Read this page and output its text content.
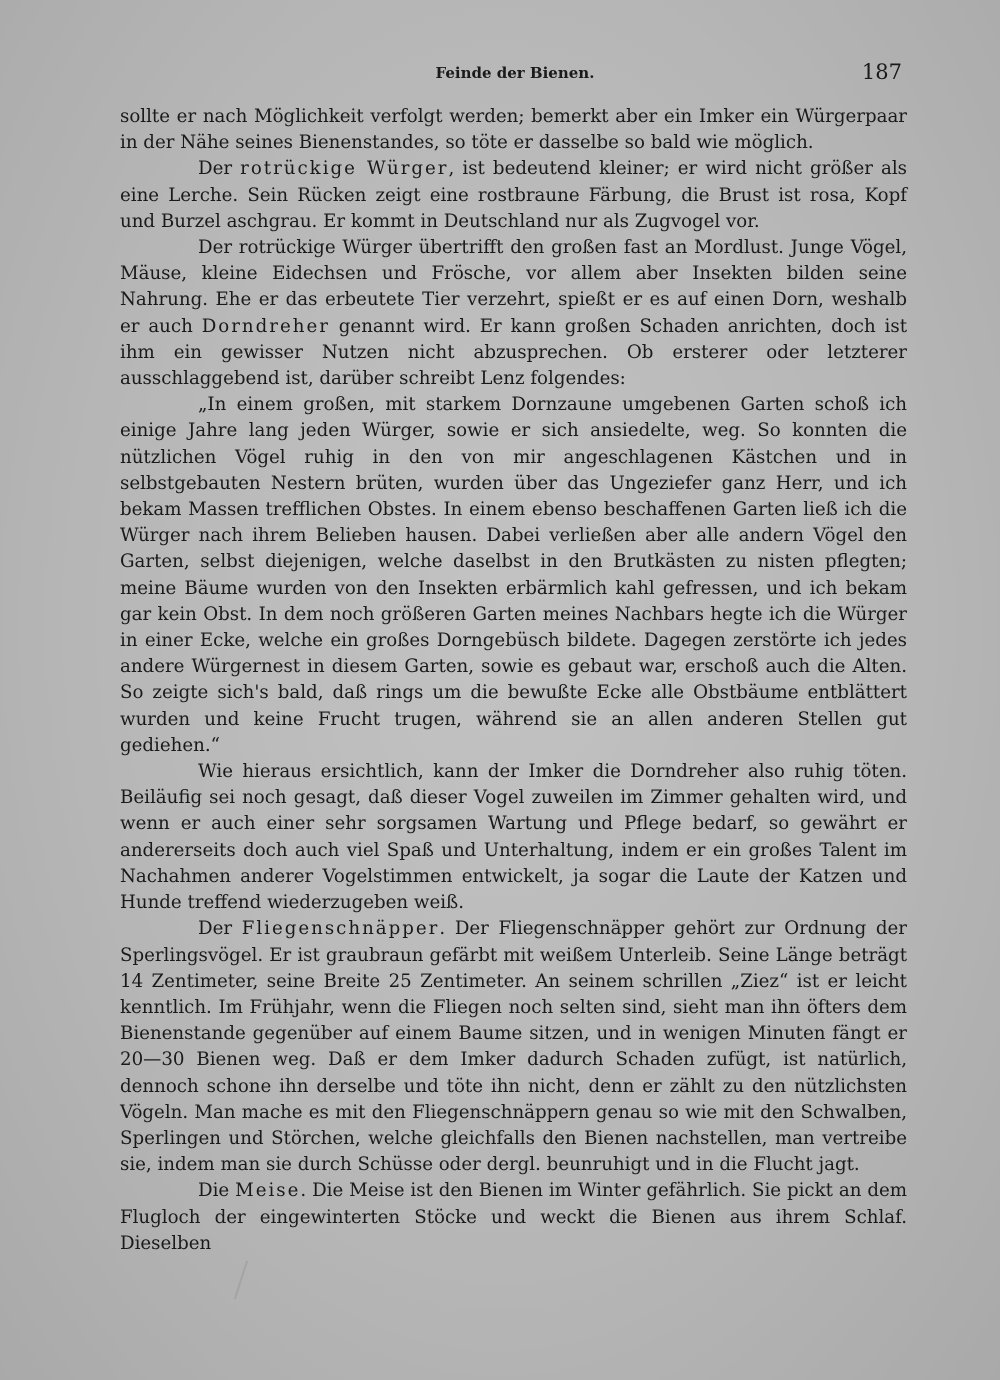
Feinde der Bienen.	187

sollte er nach Möglichkeit verfolgt werden; bemerkt aber ein Imker ein Würgerpaar in der Nähe seines Bienenstandes, so töte er dasselbe so bald wie möglich.

Der rotrückige Würger, ist bedeutend kleiner; er wird nicht größer als eine Lerche. Sein Rücken zeigt eine rostbraune Färbung, die Brust ist rosa, Kopf und Burzel aschgrau. Er kommt in Deutschland nur als Zugvogel vor.

Der rotrückige Würger übertrifft den großen fast an Mordlust. Junge Vögel, Mäuse, kleine Eidechsen und Frösche, vor allem aber Insekten bilden seine Nahrung. Ehe er das erbeutete Tier verzehrt, spießt er es auf einen Dorn, weshalb er auch Dorndreher genannt wird. Er kann großen Schaden anrichten, doch ist ihm ein gewisser Nutzen nicht abzusprechen. Ob ersterer oder letzterer ausschlaggebend ist, darüber schreibt Lenz folgendes:

„In einem großen, mit starkem Dornzaune umgebenen Garten schoß ich einige Jahre lang jeden Würger, sowie er sich ansiedelte, weg. So konnten die nützlichen Vögel ruhig in den von mir angeschlagenen Kästchen und in selbstgebauten Nestern brüten, wurden über das Ungeziefer ganz Herr, und ich bekam Massen trefflichen Obstes. In einem ebenso beschaffenen Garten ließ ich die Würger nach ihrem Belieben hausen. Dabei verließen aber alle andern Vögel den Garten, selbst diejenigen, welche daselbst in den Brutkästen zu nisten pflegten; meine Bäume wurden von den Insekten erbärmlich kahl gefressen, und ich bekam gar kein Obst. In dem noch größeren Garten meines Nachbars hegte ich die Würger in einer Ecke, welche ein großes Dorngebüsch bildete. Dagegen zerstörte ich jedes andere Würgernest in diesem Garten, sowie es gebaut war, erschoß auch die Alten. So zeigte sich's bald, daß rings um die bewußte Ecke alle Obstbäume entblättert wurden und keine Frucht trugen, während sie an allen anderen Stellen gut gediehen.“

Wie hieraus ersichtlich, kann der Imker die Dorndreher also ruhig töten. Beiläufig sei noch gesagt, daß dieser Vogel zuweilen im Zimmer gehalten wird, und wenn er auch einer sehr sorgsamen Wartung und Pflege bedarf, so gewährt er andererseits doch auch viel Spaß und Unterhaltung, indem er ein großes Talent im Nachahmen anderer Vogelstimmen entwickelt, ja sogar die Laute der Katzen und Hunde treffend wiederzugeben weiß.

Der Fliegenschnäpper. Der Fliegenschnäpper gehört zur Ordnung der Sperlingsvögel. Er ist graubraun gefärbt mit weißem Unterleib. Seine Länge beträgt 14 Zentimeter, seine Breite 25 Zentimeter. An seinem schrillen „Ziez“ ist er leicht kenntlich. Im Frühjahr, wenn die Fliegen noch selten sind, sieht man ihn öfters dem Bienenstande gegenüber auf einem Baume sitzen, und in wenigen Minuten fängt er 20—30 Bienen weg. Daß er dem Imker dadurch Schaden zufügt, ist natürlich, dennoch schone ihn derselbe und töte ihn nicht, denn er zählt zu den nützlichsten Vögeln. Man mache es mit den Fliegenschnäppern genau so wie mit den Schwalben, Sperlingen und Störchen, welche gleichfalls den Bienen nachstellen, man vertreibe sie, indem man sie durch Schüsse oder dergl. beunruhigt und in die Flucht jagt.

Die Meise. Die Meise ist den Bienen im Winter gefährlich. Sie pickt an dem Flugloch der eingewinterten Stöcke und weckt die Bienen aus ihrem Schlaf. Dieselben
